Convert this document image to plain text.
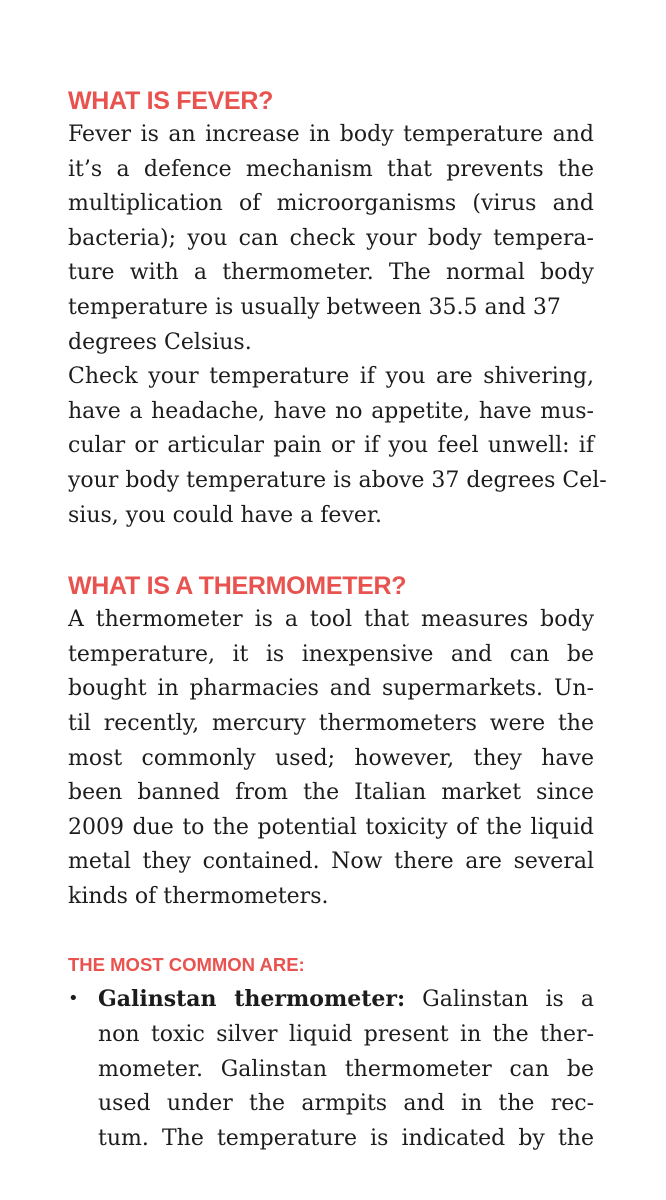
WHAT IS FEVER?

Fever is an increase in body temperature and
it’s a defence mechanism that prevents the
multiplication of microorganisms (virus and
bacteria); you can check your body tempera-
ture with a thermometer. The normal body
temperature is usually between 35.5 and 37
degrees Celsius.

Check your temperature if you are shivering,
have a headache, have no appetite, have mus-
cular or articular pain or if you feel unwell: if
your body temperature is above 37 degrees Cel-
sius, you could have a fever.

WHAT IS A THERMOMETER?

A thermometer is a tool that measures body
temperature, it is inexpensive and can be
bought in pharmacies and supermarkets. Un-
til recently, mercury thermometers were the
most commonly used; however, they have
been banned from the Italian market since
2009 due to the potential toxicity of the liquid
metal they contained. Now there are several
kinds of thermometers.

THE MOST COMMON ARE:
• Galinstan thermometer: Galinstan is a
non toxic silver liquid present in the ther-
mometer. Galinstan thermometer can be
used under the armpits and in the rec-
tum. The temperature is indicated by the
